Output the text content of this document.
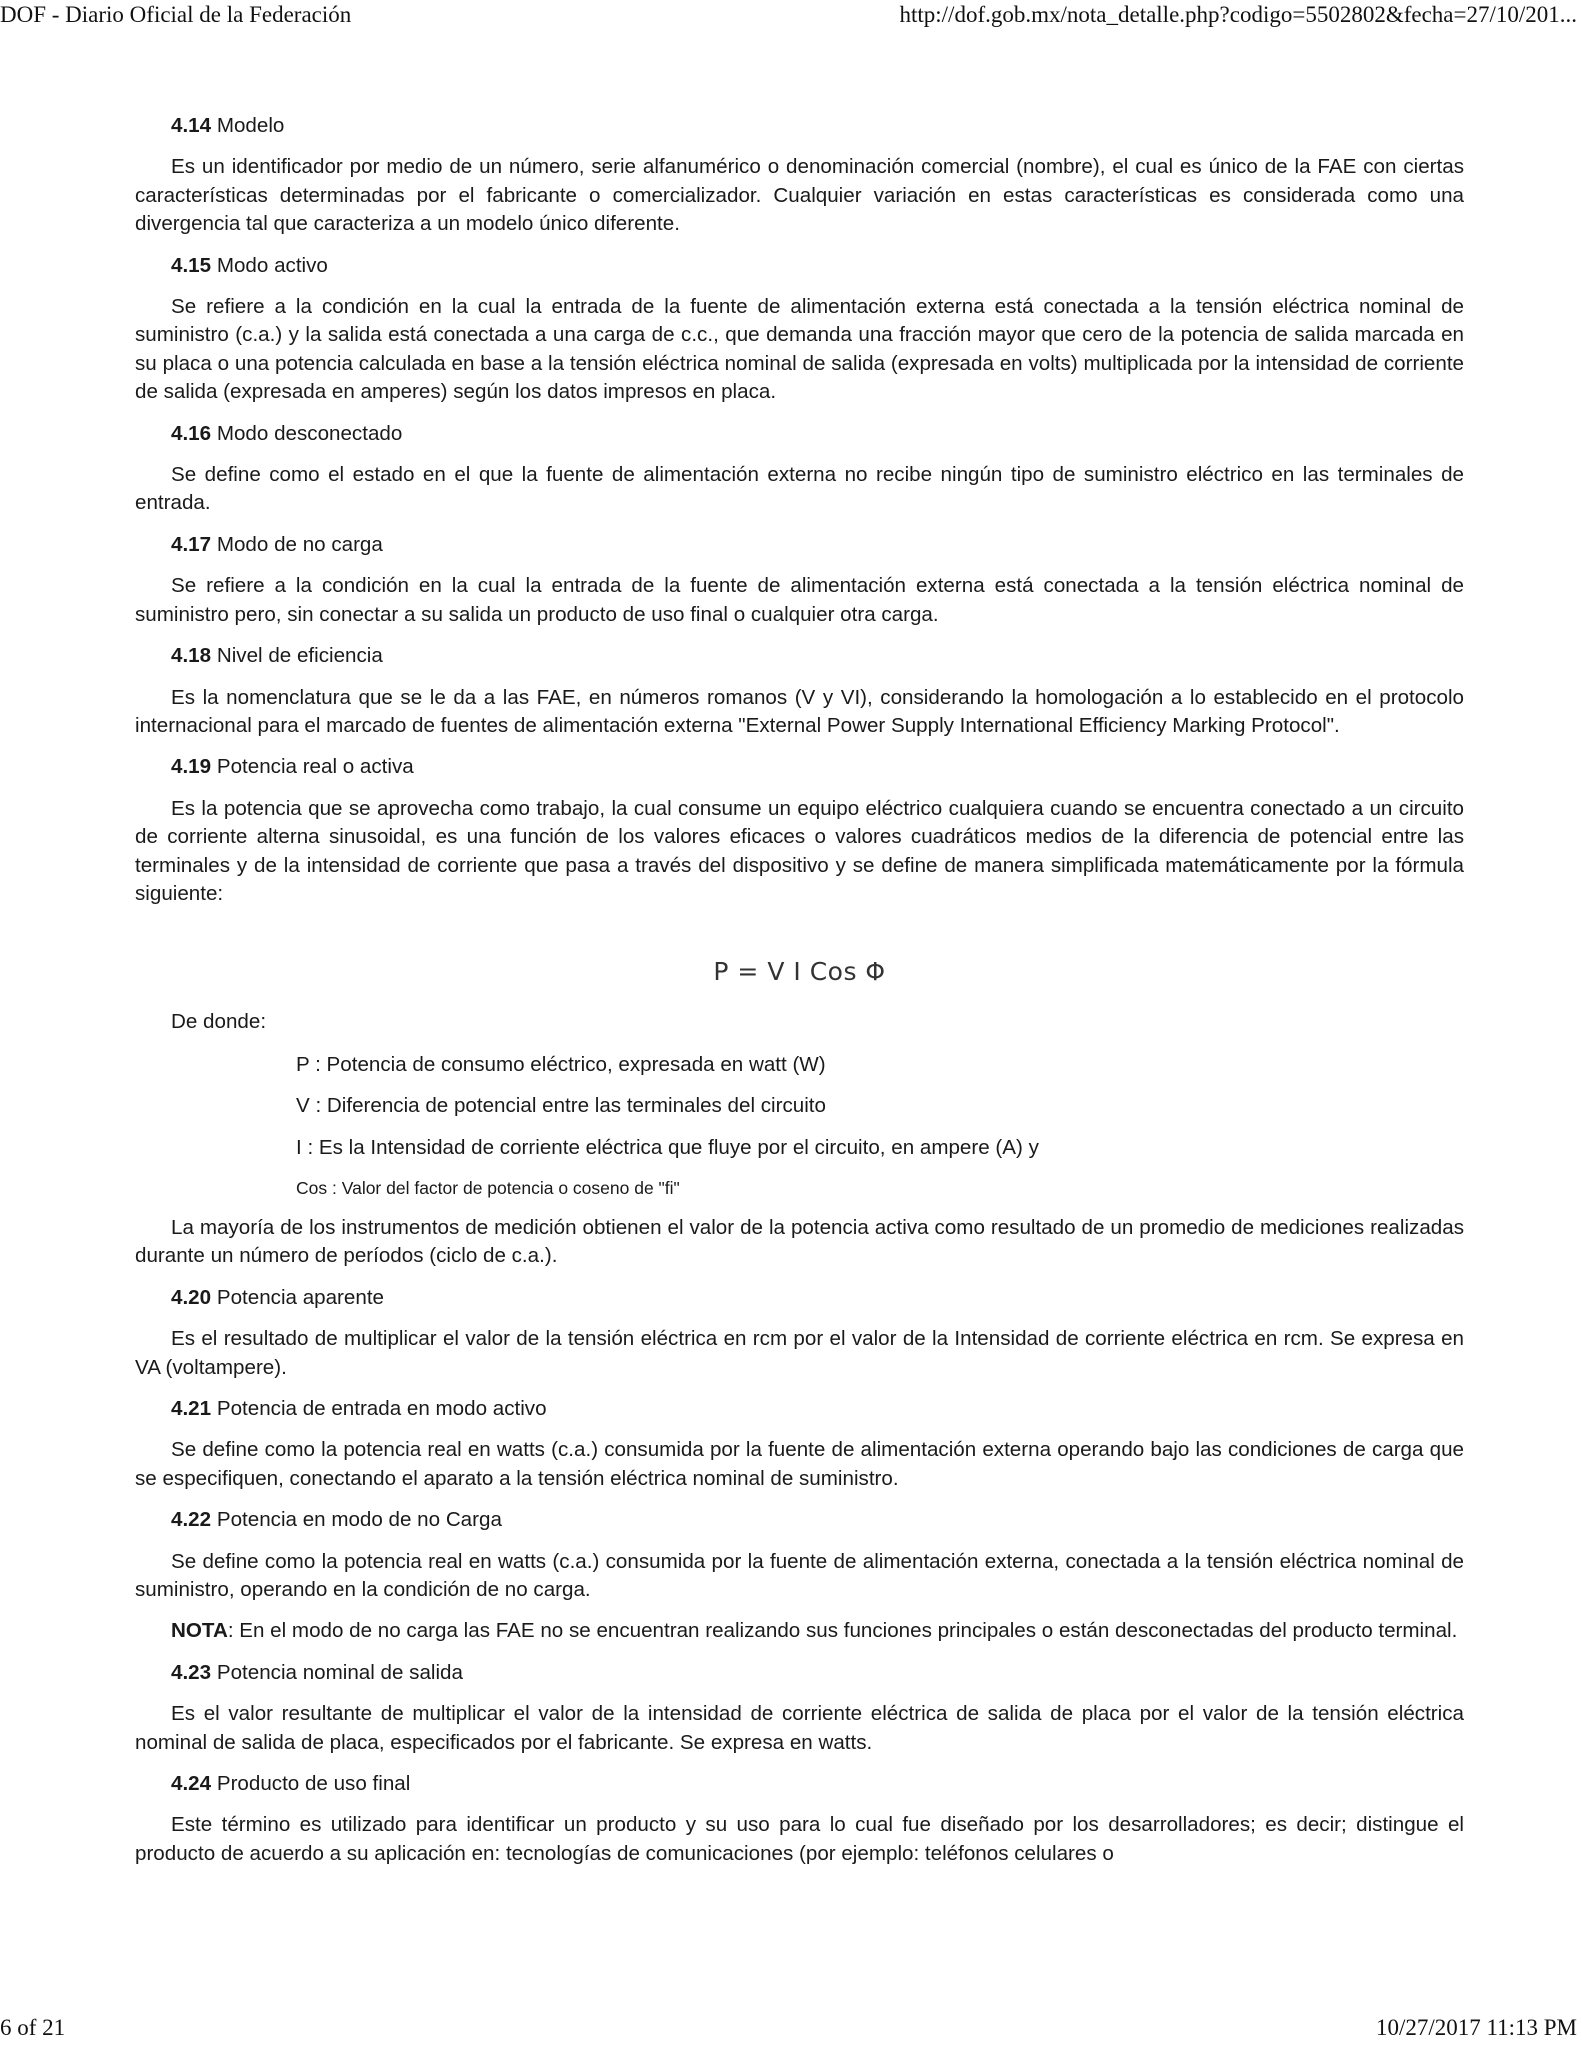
DOF - Diario Oficial de la Federación	http://dof.gob.mx/nota_detalle.php?codigo=5502802&fecha=27/10/201...
4.14 Modelo

Es un identificador por medio de un número, serie alfanumérico o denominación comercial (nombre), el cual es único de la FAE con ciertas características determinadas por el fabricante o comercializador. Cualquier variación en estas características es considerada como una divergencia tal que caracteriza a un modelo único diferente.

4.15 Modo activo

Se refiere a la condición en la cual la entrada de la fuente de alimentación externa está conectada a la tensión eléctrica nominal de suministro (c.a.) y la salida está conectada a una carga de c.c., que demanda una fracción mayor que cero de la potencia de salida marcada en su placa o una potencia calculada en base a la tensión eléctrica nominal de salida (expresada en volts) multiplicada por la intensidad de corriente de salida (expresada en amperes) según los datos impresos en placa.

4.16 Modo desconectado

Se define como el estado en el que la fuente de alimentación externa no recibe ningún tipo de suministro eléctrico en las terminales de entrada.

4.17 Modo de no carga

Se refiere a la condición en la cual la entrada de la fuente de alimentación externa está conectada a la tensión eléctrica nominal de suministro pero, sin conectar a su salida un producto de uso final o cualquier otra carga.

4.18 Nivel de eficiencia

Es la nomenclatura que se le da a las FAE, en números romanos (V y VI), considerando la homologación a lo establecido en el protocolo internacional para el marcado de fuentes de alimentación externa "External Power Supply International Efficiency Marking Protocol".

4.19 Potencia real o activa

Es la potencia que se aprovecha como trabajo, la cual consume un equipo eléctrico cualquiera cuando se encuentra conectado a un circuito de corriente alterna sinusoidal, es una función de los valores eficaces o valores cuadráticos medios de la diferencia de potencial entre las terminales y de la intensidad de corriente que pasa a través del dispositivo y se define de manera simplificada matemáticamente por la fórmula siguiente:

P = V I Cos Φ
De donde:
P : Potencia de consumo eléctrico, expresada en watt (W)
V : Diferencia de potencial entre las terminales del circuito
I : Es la Intensidad de corriente eléctrica que fluye por el circuito, en ampere (A) y
Cos : Valor del factor de potencia o coseno de "fi"

La mayoría de los instrumentos de medición obtienen el valor de la potencia activa como resultado de un promedio de mediciones realizadas durante un número de períodos (ciclo de c.a.).

4.20 Potencia aparente

Es el resultado de multiplicar el valor de la tensión eléctrica en rcm por el valor de la Intensidad de corriente eléctrica en rcm. Se expresa en VA (voltampere).

4.21 Potencia de entrada en modo activo

Se define como la potencia real en watts (c.a.) consumida por la fuente de alimentación externa operando bajo las condiciones de carga que se especifiquen, conectando el aparato a la tensión eléctrica nominal de suministro.

4.22 Potencia en modo de no Carga

Se define como la potencia real en watts (c.a.) consumida por la fuente de alimentación externa, conectada a la tensión eléctrica nominal de suministro, operando en la condición de no carga.

NOTA: En el modo de no carga las FAE no se encuentran realizando sus funciones principales o están desconectadas del producto terminal.

4.23 Potencia nominal de salida

Es el valor resultante de multiplicar el valor de la intensidad de corriente eléctrica de salida de placa por el valor de la tensión eléctrica nominal de salida de placa, especificados por el fabricante. Se expresa en watts.

4.24 Producto de uso final

Este término es utilizado para identificar un producto y su uso para lo cual fue diseñado por los desarrolladores; es decir; distingue el producto de acuerdo a su aplicación en: tecnologías de comunicaciones (por ejemplo: teléfonos celulares o

6 of 21	10/27/2017 11:13 PM
